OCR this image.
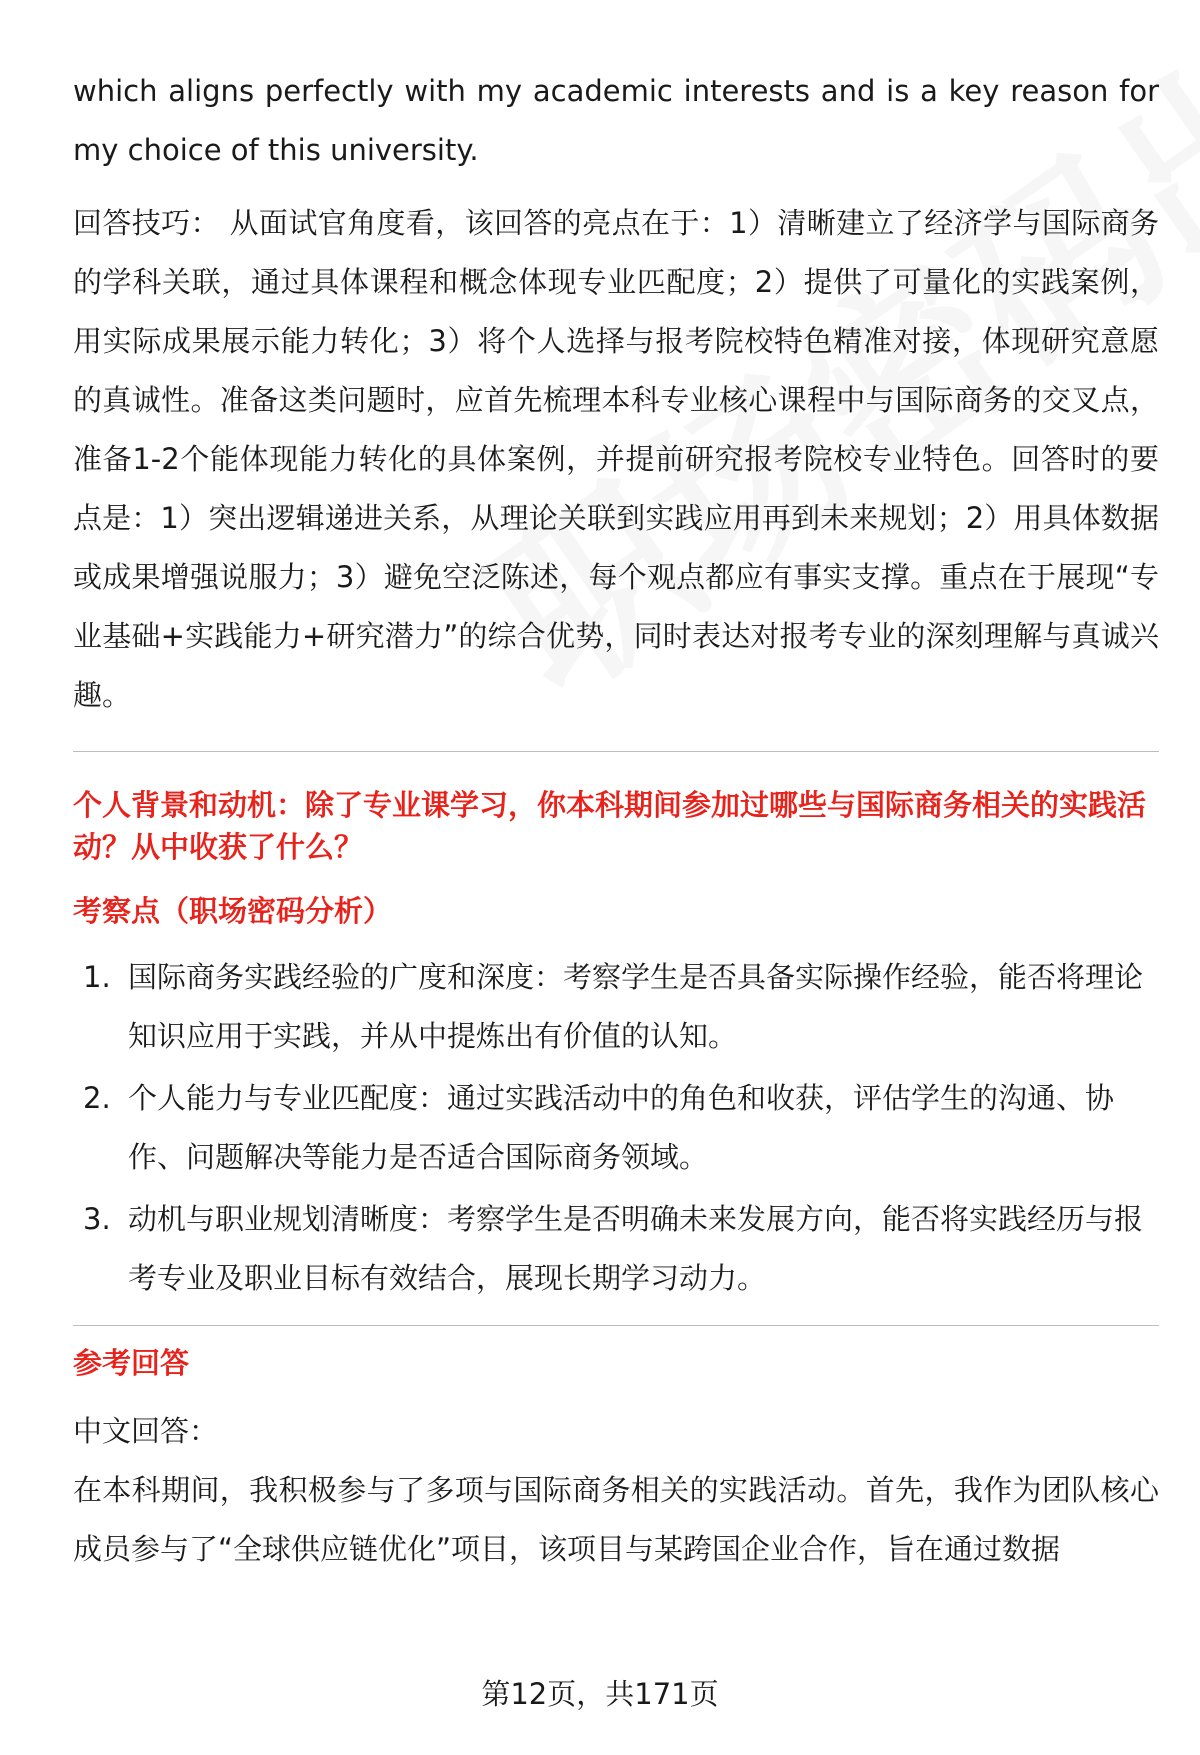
which aligns perfectly with my academic interests and is a key reason for my choice of this university.

回答技巧： 从面试官角度看，该回答的亮点在于：1）清晰建立了经济学与国际商务的学科关联，通过具体课程和概念体现专业匹配度；2）提供了可量化的实践案例，用实际成果展示能力转化；3）将个人选择与报考院校特色精准对接，体现研究意愿的真诚性。准备这类问题时，应首先梳理本科专业核心课程中与国际商务的交叉点，准备1-2个能体现能力转化的具体案例，并提前研究报考院校专业特色。回答时的要点是：1）突出逻辑递进关系，从理论关联到实践应用再到未来规划；2）用具体数据或成果增强说服力；3）避免空泛陈述，每个观点都应有事实支撑。重点在于展现“专业基础+实践能力+研究潜力”的综合优势，同时表达对报考专业的深刻理解与真诚兴趣。

个人背景和动机：除了专业课学习，你本科期间参加过哪些与国际商务相关的实践活动？从中收获了什么？

考察点（职场密码分析）

1. 国际商务实践经验的广度和深度：考察学生是否具备实际操作经验，能否将理论知识应用于实践，并从中提炼出有价值的认知。
2. 个人能力与专业匹配度：通过实践活动中的角色和收获，评估学生的沟通、协作、问题解决等能力是否适合国际商务领域。
3. 动机与职业规划清晰度：考察学生是否明确未来发展方向，能否将实践经历与报考专业及职业目标有效结合，展现长期学习动力。

参考回答

中文回答：

在本科期间，我积极参与了多项与国际商务相关的实践活动。首先，我作为团队核心成员参与了“全球供应链优化”项目，该项目与某跨国企业合作，旨在通过数据

第12页，共171页
